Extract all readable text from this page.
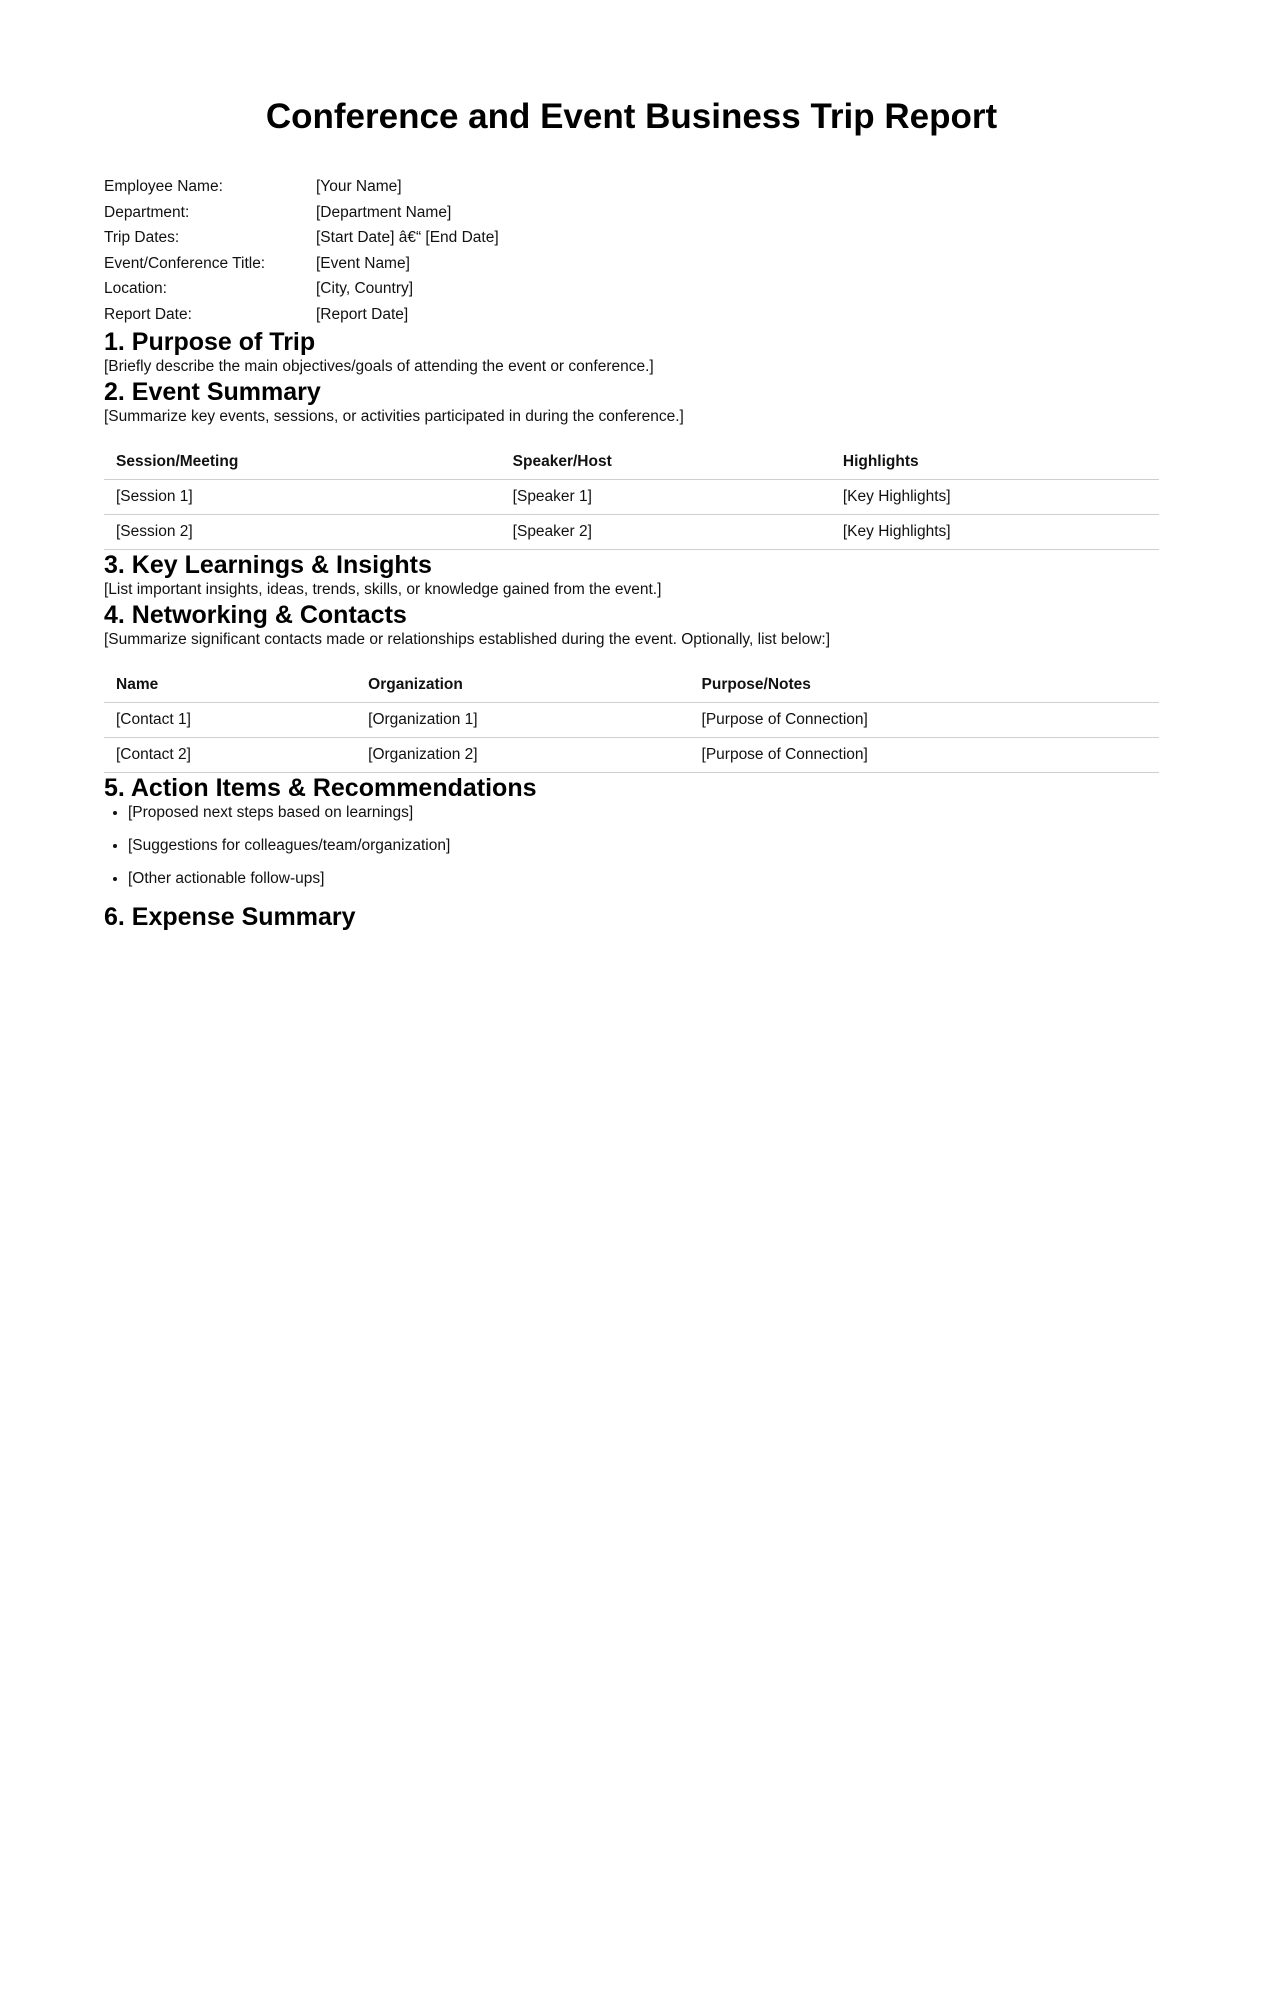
Conference and Event Business Trip Report
Employee Name:	[Your Name]
Department:	[Department Name]
Trip Dates:	[Start Date] â€“ [End Date]
Event/Conference Title:	[Event Name]
Location:	[City, Country]
Report Date:	[Report Date]
1. Purpose of Trip

[Briefly describe the main objectives/goals of attending the event or conference.]

2. Event Summary

[Summarize key events, sessions, or activities participated in during the conference.]

Session/Meeting	Speaker/Host	Highlights
[Session 1]	[Speaker 1]	[Key Highlights]
[Session 2]	[Speaker 2]	[Key Highlights]
3. Key Learnings & Insights

[List important insights, ideas, trends, skills, or knowledge gained from the event.]

4. Networking & Contacts

[Summarize significant contacts made or relationships established during the event. Optionally, list below:]

Name	Organization	Purpose/Notes
[Contact 1]	[Organization 1]	[Purpose of Connection]
[Contact 2]	[Organization 2]	[Purpose of Connection]
5. Action Items & Recommendations
• [Proposed next steps based on learnings]
• [Suggestions for colleagues/team/organization]
• [Other actionable follow-ups]
6. Expense Summary
